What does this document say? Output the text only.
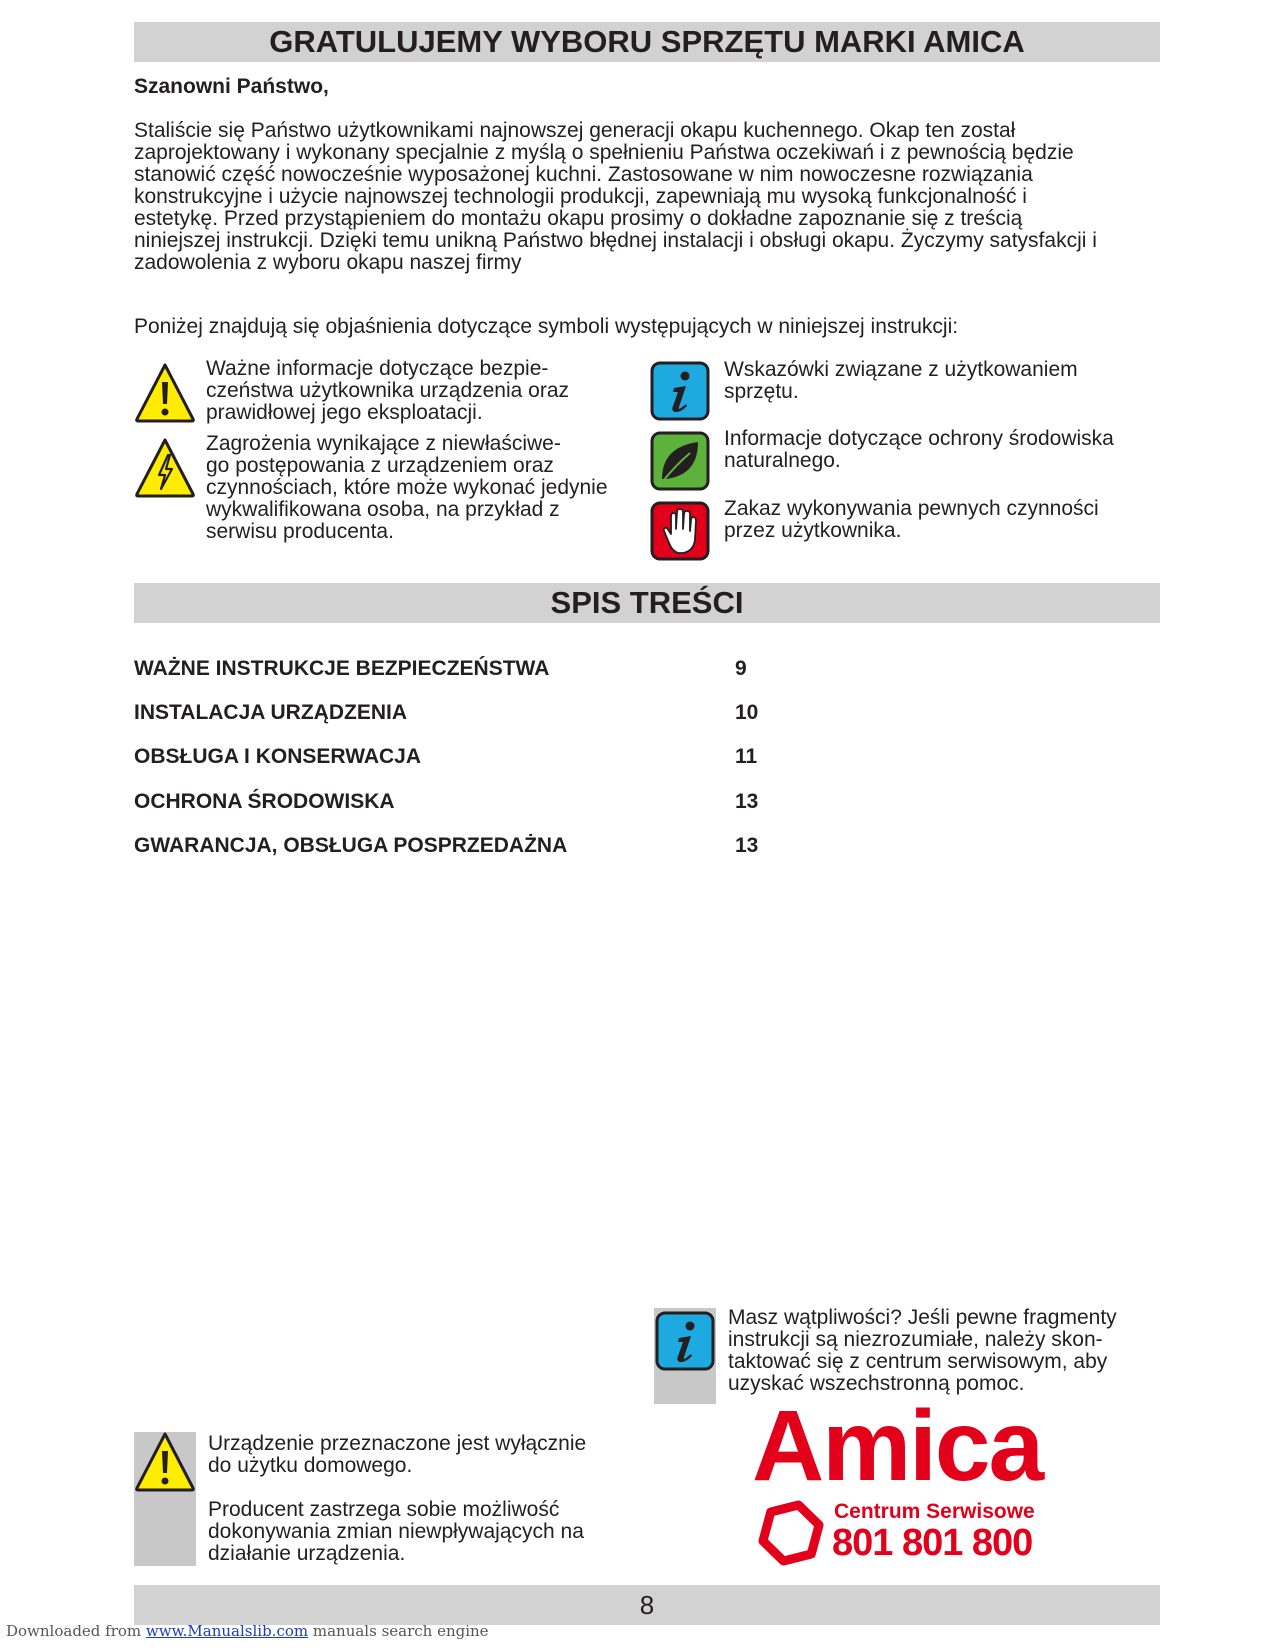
GRATULUJEMY WYBORU SPRZĘTU MARKI AMICA
Szanowni Państwo,
Staliście się Państwo użytkownikami najnowszej generacji okapu kuchennego. Okap ten został
zaprojektowany i wykonany specjalnie z myślą o spełnieniu Państwa oczekiwań i z pewnością będzie
stanowić część nowocześnie wyposażonej kuchni. Zastosowane w nim nowoczesne rozwiązania
konstrukcyjne i użycie najnowszej technologii produkcji, zapewniają mu wysoką funkcjonalność i
estetykę. Przed przystąpieniem do montażu okapu prosimy o dokładne zapoznanie się z treścią
niniejszej instrukcji. Dzięki temu unikną Państwo błędnej instalacji i obsługi okapu. Życzymy satysfakcji i
zadowolenia z wyboru okapu naszej firmy
Poniżej znajdują się objaśnienia dotyczące symboli występujących w niniejszej instrukcji:
Ważne informacje dotyczące bezpie-
czeństwa użytkownika urządzenia oraz
prawidłowej jego eksploatacji.
Zagrożenia wynikające z niewłaściwe-
go postępowania z urządzeniem oraz
czynnościach, które może wykonać jedynie
wykwalifikowana osoba, na przykład z
serwisu producenta.
Wskazówki związane z użytkowaniem
sprzętu.
Informacje dotyczące ochrony środowiska
naturalnego.
Zakaz wykonywania pewnych czynności
przez użytkownika.
SPIS TREŚCI
WAŻNE INSTRUKCJE BEZPIECZEŃSTWA	9
INSTALACJA URZĄDZENIA	10
OBSŁUGA I KONSERWACJA	11
OCHRONA ŚRODOWISKA	13
GWARANCJA, OBSŁUGA POSPRZEDAŻNA	13
Masz wątpliwości? Jeśli pewne fragmenty
instrukcji są niezrozumiałe, należy skon-
taktować się z centrum serwisowym, aby
uzyskać wszechstronną pomoc.
Urządzenie przeznaczone jest wyłącznie
do użytku domowego.
Producent zastrzega sobie możliwość
dokonywania zmian niewpływających na
działanie urządzenia.
Amica
Centrum Serwisowe
801 801 800
8
Downloaded from www.Manualslib.com manuals search engine
